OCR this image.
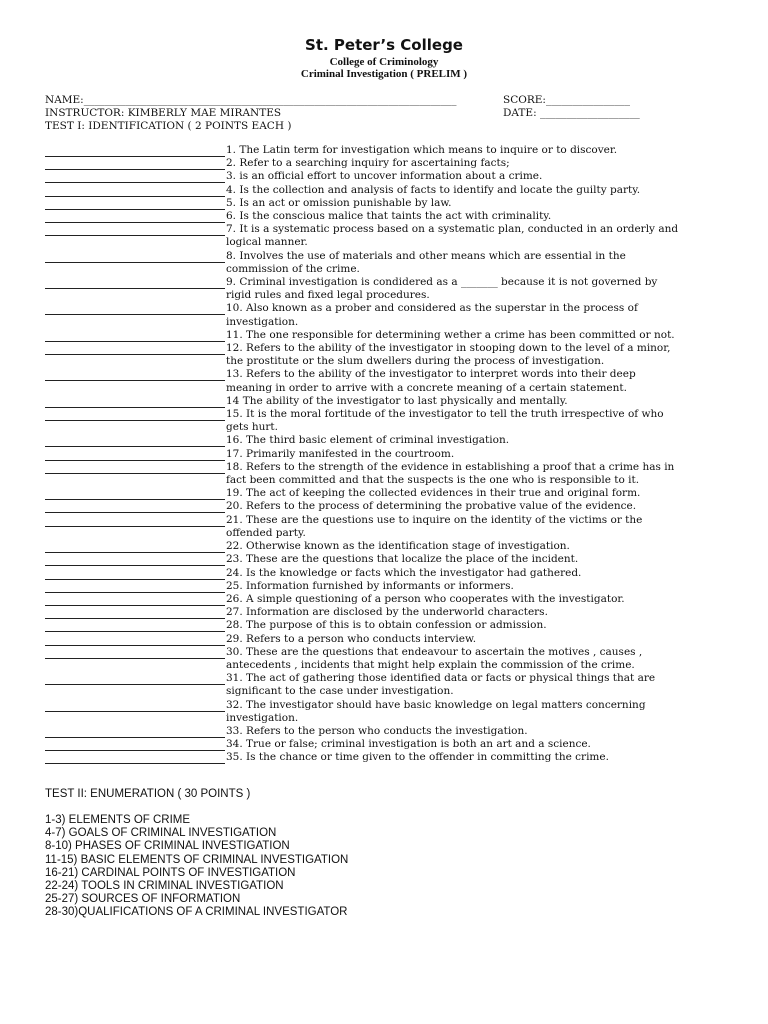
St. Peter’s College
College of Criminology
Criminal Investigation ( PRELIM )
NAME:_______________________________________________________________________	SCORE:________________
INSTRUCTOR: KIMBERLY MAE MIRANTES	DATE: ___________________
TEST I: IDENTIFICATION ( 2 POINTS EACH )
1. The Latin term for investigation which means to inquire or to discover.
2. Refer to a searching inquiry for ascertaining facts;
3. is an official effort to uncover information about a crime.
4. Is the collection and analysis of facts to identify and locate the guilty party.
5. Is an act or omission punishable by law.
6. Is the conscious malice that taints the act with criminality.
7. It is a systematic process based on a systematic plan, conducted in an orderly and
logical manner.
8. Involves the use of materials and other means which are essential in the
commission of the crime.
9. Criminal investigation is condidered as a _______ because it is not governed by
rigid rules and fixed legal procedures.
10. Also known as a prober and considered as the superstar in the process of
investigation.
11. The one responsible for determining wether a crime has been committed or not.
12. Refers to the ability of the investigator in stooping down to the level of a minor,
the prostitute or the slum dwellers during the process of investigation.
13. Refers to the ability of the investigator to interpret words into their deep
meaning in order to arrive with a concrete meaning of a certain statement.
14 The ability of the investigator to last physically and mentally.
15. It is the moral fortitude of the investigator to tell the truth irrespective of who
gets hurt.
16. The third basic element of criminal investigation.
17. Primarily manifested in the courtroom.
18. Refers to the strength of the evidence in establishing a proof that a crime has in
fact been committed and that the suspects is the one who is responsible to it.
19. The act of keeping the collected evidences in their true and original form.
20. Refers to the process of determining the probative value of the evidence.
21. These are the questions use to inquire on the identity of the victims or the
offended party.
22. Otherwise known as the identification stage of investigation.
23. These are the questions that localize the place of the incident.
24. Is the knowledge or facts which the investigator had gathered.
25. Information furnished by informants or informers.
26. A simple questioning of a person who cooperates with the investigator.
27. Information are disclosed by the underworld characters.
28. The purpose of this is to obtain confession or admission.
29. Refers to a person who conducts interview.
30. These are the questions that endeavour to ascertain the motives , causes ,
antecedents , incidents that might help explain the commission of the crime.
31. The act of gathering those identified data or facts or physical things that are
significant to the case under investigation.
32. The investigator should have basic knowledge on legal matters concerning
investigation.
33. Refers to the person who conducts the investigation.
34. True or false; criminal investigation is both an art and a science.
35. Is the chance or time given to the offender in committing the crime.
TEST II: ENUMERATION ( 30 POINTS )
1-3) ELEMENTS OF CRIME
4-7) GOALS OF CRIMINAL INVESTIGATION
8-10) PHASES OF CRIMINAL INVESTIGATION
11-15) BASIC ELEMENTS OF CRIMINAL INVESTIGATION
16-21) CARDINAL POINTS OF INVESTIGATION
22-24) TOOLS IN CRIMINAL INVESTIGATION
25-27) SOURCES OF INFORMATION
28-30)QUALIFICATIONS OF A CRIMINAL INVESTIGATOR
